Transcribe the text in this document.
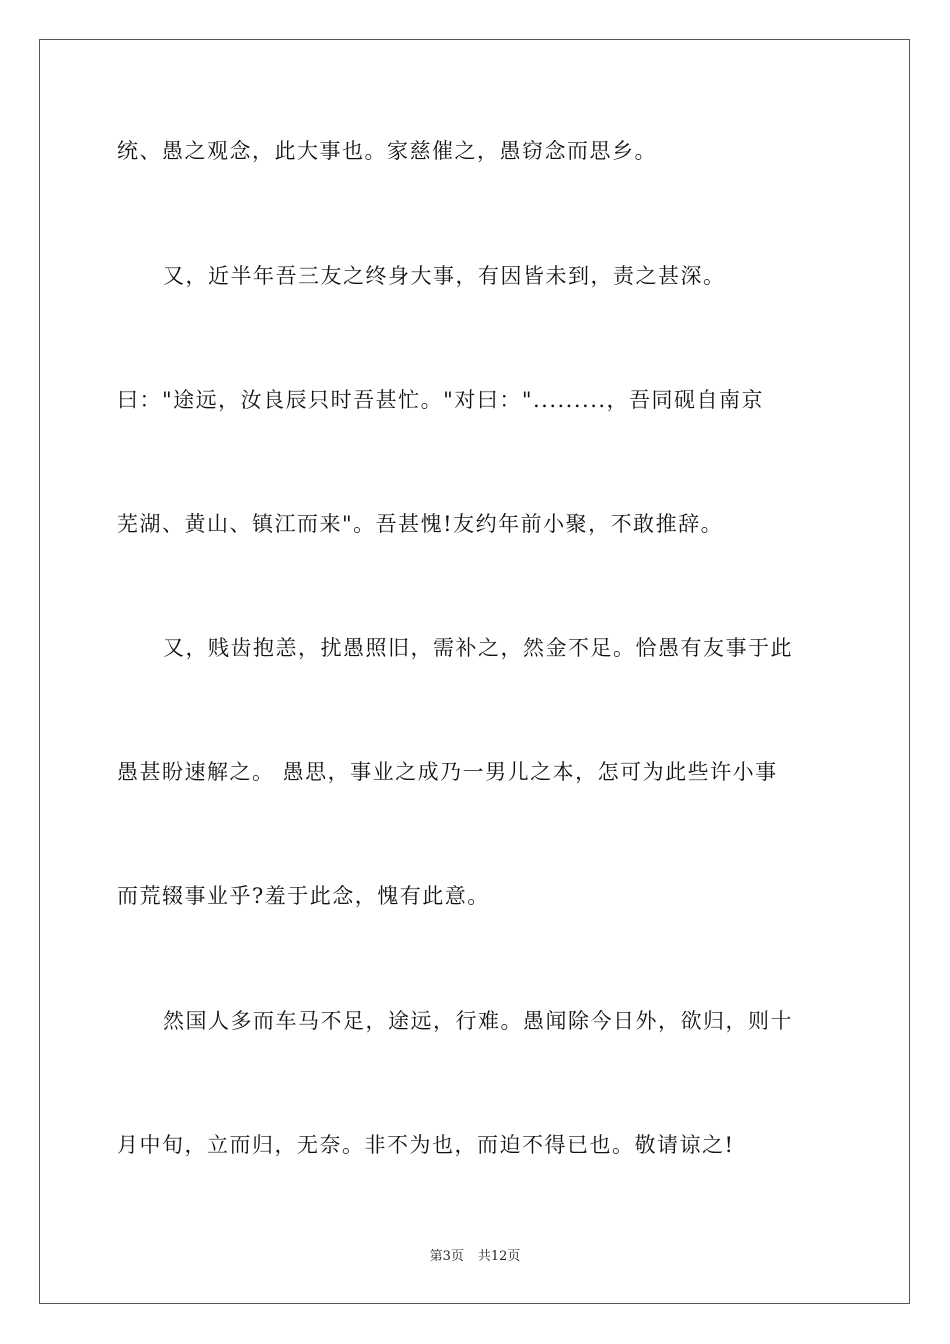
统、愚之观念，此大事也。家慈催之，愚窃念而思乡。
又，近半年吾三友之终身大事，有因皆未到，责之甚深。
曰："途远，汝良辰只时吾甚忙。"对曰：".........，吾同砚自南京
芜湖、黄山、镇江而来"。吾甚愧!友约年前小聚，不敢推辞。
又，贱齿抱恙，扰愚照旧，需补之，然金不足。恰愚有友事于此
愚甚盼速解之。 愚思，事业之成乃一男儿之本，怎可为此些许小事
而荒辍事业乎?羞于此念，愧有此意。
然国人多而车马不足，途远，行难。愚闻除今日外，欲归，则十
月中旬，立而归，无奈。非不为也，而迫不得已也。敬请谅之!
第3页 共12页
